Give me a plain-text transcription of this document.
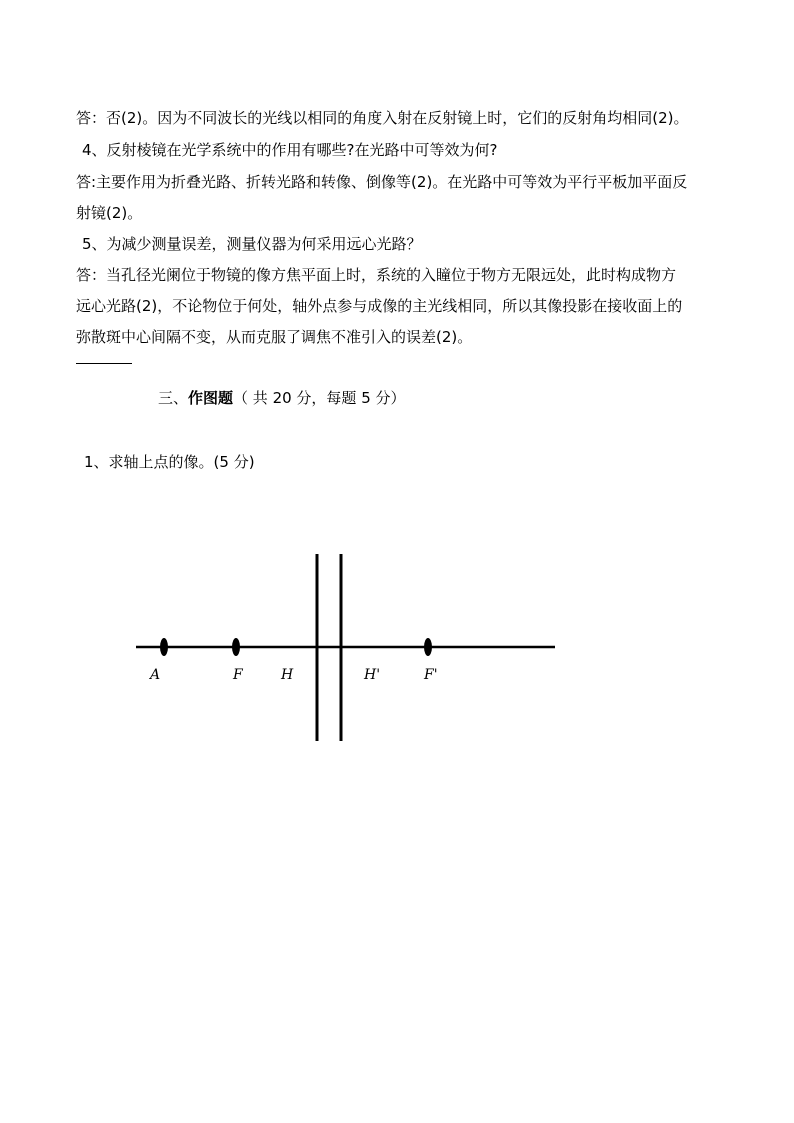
答：否(2)。因为不同波长的光线以相同的角度入射在反射镜上时，它们的反射角均相同(2)。
4、反射棱镜在光学系统中的作用有哪些?在光路中可等效为何?
答:主要作用为折叠光路、折转光路和转像、倒像等(2)。在光路中可等效为平行平板加平面反
射镜(2)。
5、为减少测量误差，测量仪器为何采用远心光路？
答：当孔径光阑位于物镜的像方焦平面上时，系统的入瞳位于物方无限远处，此时构成物方
远心光路(2)，不论物位于何处，轴外点参与成像的主光线相同，所以其像投影在接收面上的
弥散斑中心间隔不变，从而克服了调焦不准引入的误差(2)。
三、作图题（ 共 20 分，每题 5 分）
1、求轴上点的像。(5 分)
A	F	H	H'	F'
